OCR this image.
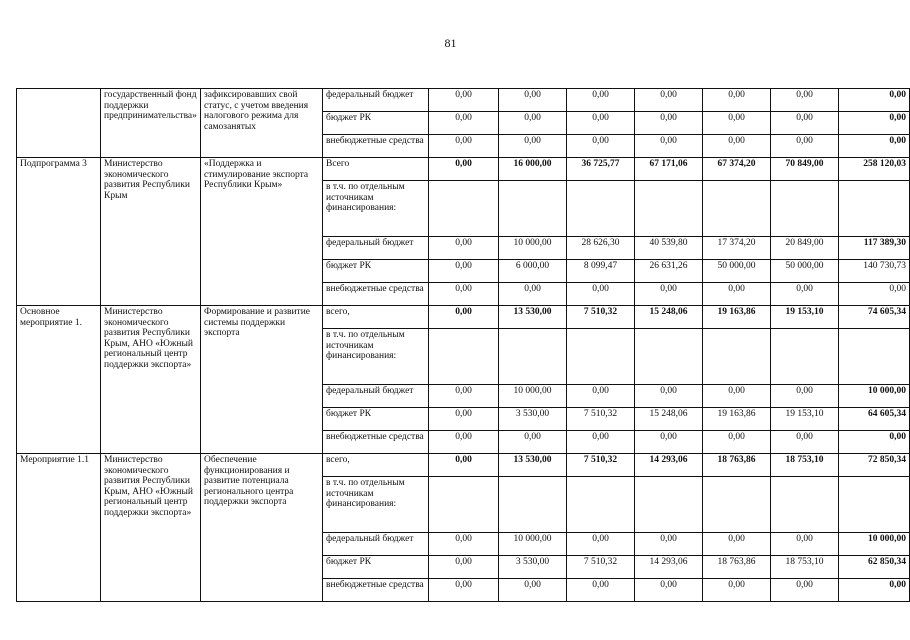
81
	государственный фонд поддержки предпринимательства»	зафиксировавших свой статус, с учетом введения налогового режима для самозанятых	федеральный бюджет	0,00	0,00	0,00	0,00	0,00	0,00	0,00
			бюджет РК	0,00	0,00	0,00	0,00	0,00	0,00	0,00
			внебюджетные средства	0,00	0,00	0,00	0,00	0,00	0,00	0,00
Подпрограмма 3	Министерство экономического развития Республики Крым	«Поддержка и стимулирование экспорта Республики Крым»	Всего	0,00	16 000,00	36 725,77	67 171,06	67 374,20	70 849,00	258 120,03
			в т.ч. по отдельным источникам финансирования:							
			федеральный бюджет	0,00	10 000,00	28 626,30	40 539,80	17 374,20	20 849,00	117 389,30
			бюджет РК	0,00	6 000,00	8 099,47	26 631,26	50 000,00	50 000,00	140 730,73
			внебюджетные средства	0,00	0,00	0,00	0,00	0,00	0,00	0,00
Основное мероприятие 1.	Министерство экономического развития Республики Крым, АНО «Южный региональный центр поддержки экспорта»	Формирование и развитие системы поддержки экспорта	всего,	0,00	13 530,00	7 510,32	15 248,06	19 163,86	19 153,10	74 605,34
			в т.ч. по отдельным источникам финансирования:							
			федеральный бюджет	0,00	10 000,00	0,00	0,00	0,00	0,00	10 000,00
			бюджет РК	0,00	3 530,00	7 510,32	15 248,06	19 163,86	19 153,10	64 605,34
			внебюджетные средства	0,00	0,00	0,00	0,00	0,00	0,00	0,00
Мероприятие 1.1	Министерство экономического развития Республики Крым, АНО «Южный региональный центр поддержки экспорта»	Обеспечение функционирования и развитие потенциала регионального центра поддержки экспорта	всего,	0,00	13 530,00	7 510,32	14 293,06	18 763,86	18 753,10	72 850,34
			в т.ч. по отдельным источникам финансирования:							
			федеральный бюджет	0,00	10 000,00	0,00	0,00	0,00	0,00	10 000,00
			бюджет РК	0,00	3 530,00	7 510,32	14 293,06	18 763,86	18 753,10	62 850,34
			внебюджетные средства	0,00	0,00	0,00	0,00	0,00	0,00	0,00
